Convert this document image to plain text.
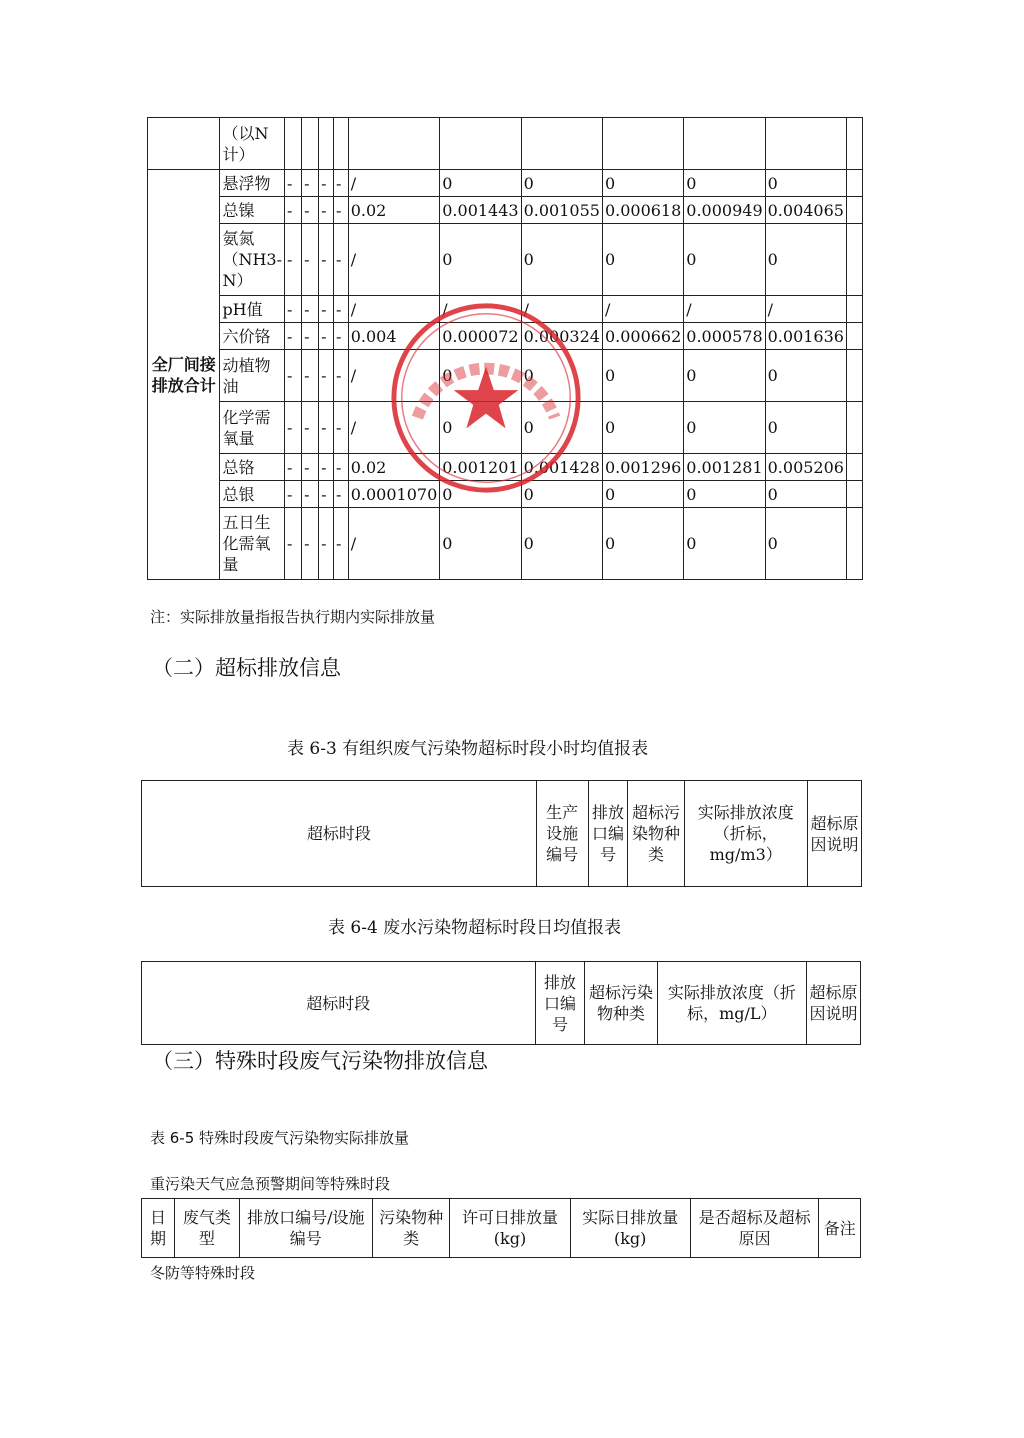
	（以N计）											
全厂间接排放合计	悬浮物	-	-	-	-	/	0	0	0	0	0	
	总镍	-	-	-	-	0.02	0.001443	0.001055	0.000618	0.000949	0.004065	
	氨氮（NH3-N）	-	-	-	-	/	0	0	0	0	0	
	pH值	-	-	-	-	/	/	/	/	/	/	
	六价铬	-	-	-	-	0.004	0.000072	0.000324	0.000662	0.000578	0.001636	
	动植物油	-	-	-	-	/	0	0	0	0	0	
	化学需氧量	-	-	-	-	/	0	0	0	0	0	
	总铬	-	-	-	-	0.02	0.001201	0.001428	0.001296	0.001281	0.005206	
	总银	-	-	-	-	0.0001070	0	0	0	0	0	
	五日生化需氧量	-	-	-	-	/	0	0	0	0	0	
注：实际排放量指报告执行期内实际排放量
（二）超标排放信息
表 6-3 有组织废气污染物超标时段小时均值报表
超标时段	生产设施编号	排放口编号	超标污染物种类	实际排放浓度（折标，mg/m3）	超标原因说明
表 6-4 废水污染物超标时段日均值报表
超标时段	排放口编号	超标污染物种类	实际排放浓度（折标，mg/L）	超标原因说明
（三）特殊时段废气污染物排放信息
表 6-5 特殊时段废气污染物实际排放量
重污染天气应急预警期间等特殊时段
日期	废气类型	排放口编号/设施编号	污染物种类	许可日排放量(kg)	实际日排放量(kg)	是否超标及超标原因	备注
冬防等特殊时段
